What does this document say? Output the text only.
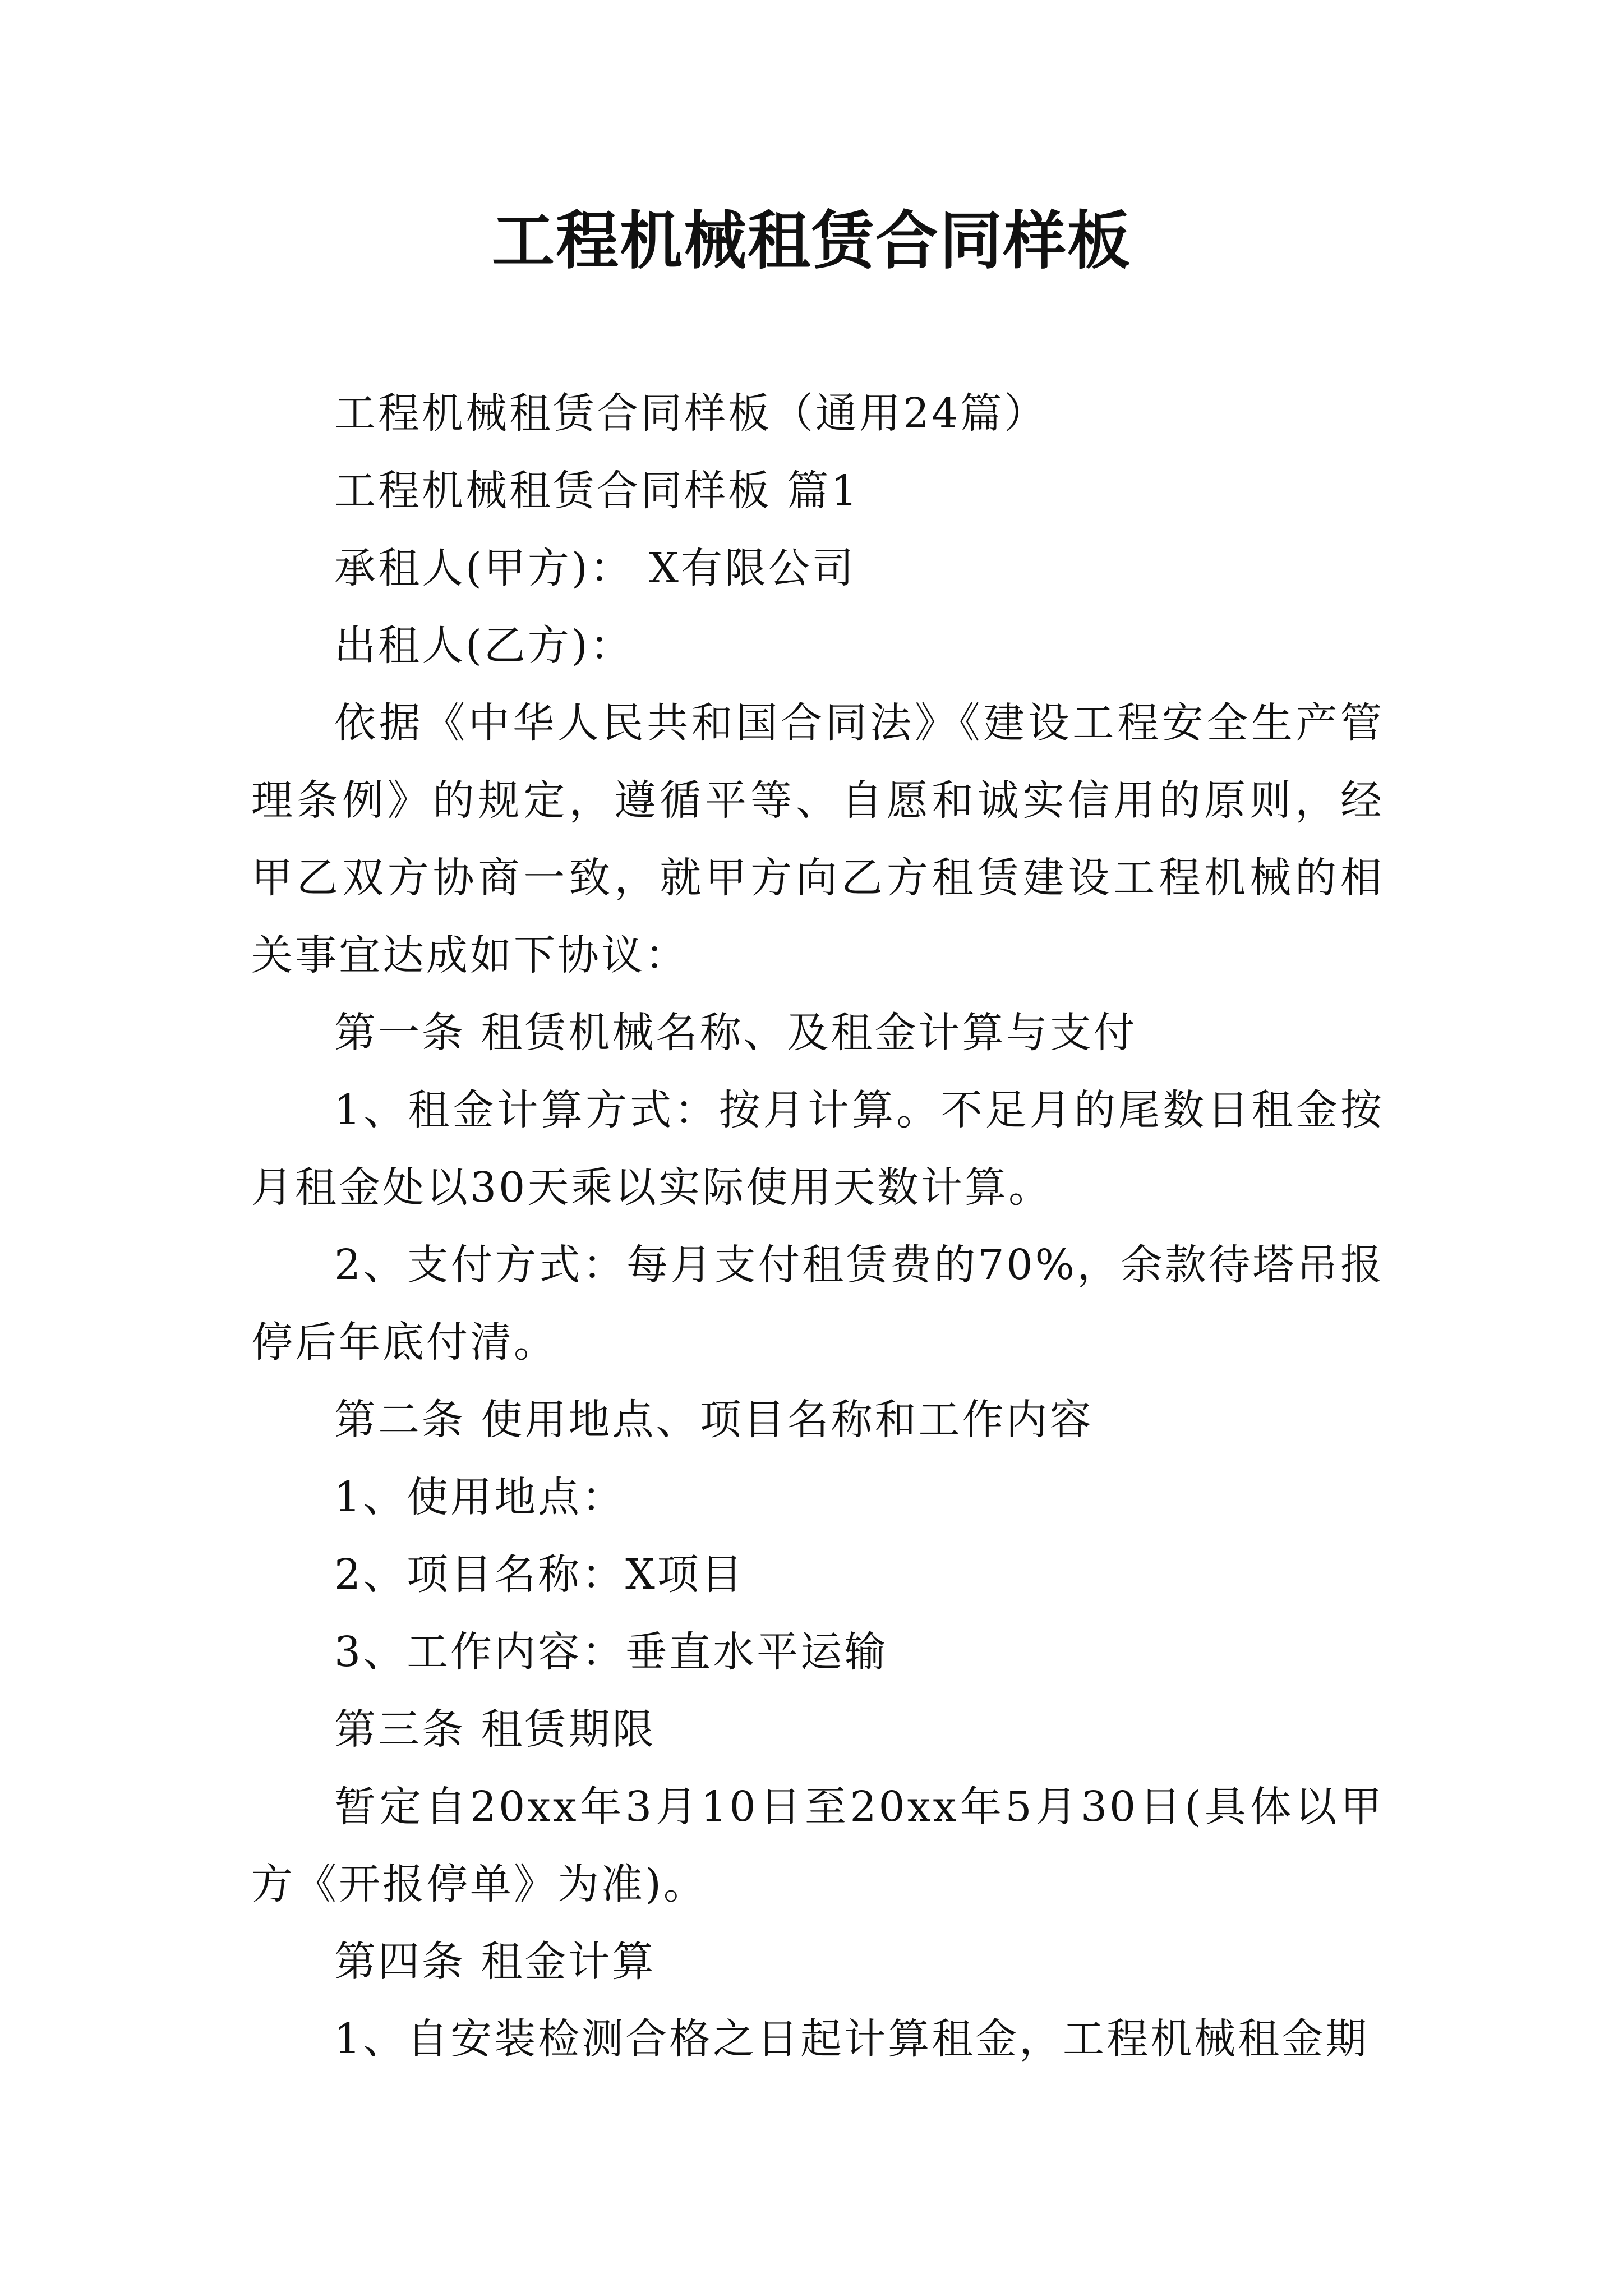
工程机械租赁合同样板

工程机械租赁合同样板（通用24篇）

工程机械租赁合同样板 篇1

承租人(甲方)： X有限公司

出租人(乙方)：

依据《中华人民共和国合同法》《建设工程安全生产管理条例》的规定，遵循平等、自愿和诚实信用的原则，经甲乙双方协商一致，就甲方向乙方租赁建设工程机械的相关事宜达成如下协议：

第一条 租赁机械名称、及租金计算与支付

1、租金计算方式：按月计算。不足月的尾数日租金按月租金处以30天乘以实际使用天数计算。

2、支付方式：每月支付租赁费的70%，余款待塔吊报停后年底付清。

第二条 使用地点、项目名称和工作内容

1、使用地点：

2、项目名称：X项目

3、工作内容：垂直水平运输

第三条 租赁期限

暂定自20xx年3月10日至20xx年5月30日(具体以甲方《开报停单》为准)。

第四条 租金计算

1、自安装检测合格之日起计算租金，工程机械租金期
